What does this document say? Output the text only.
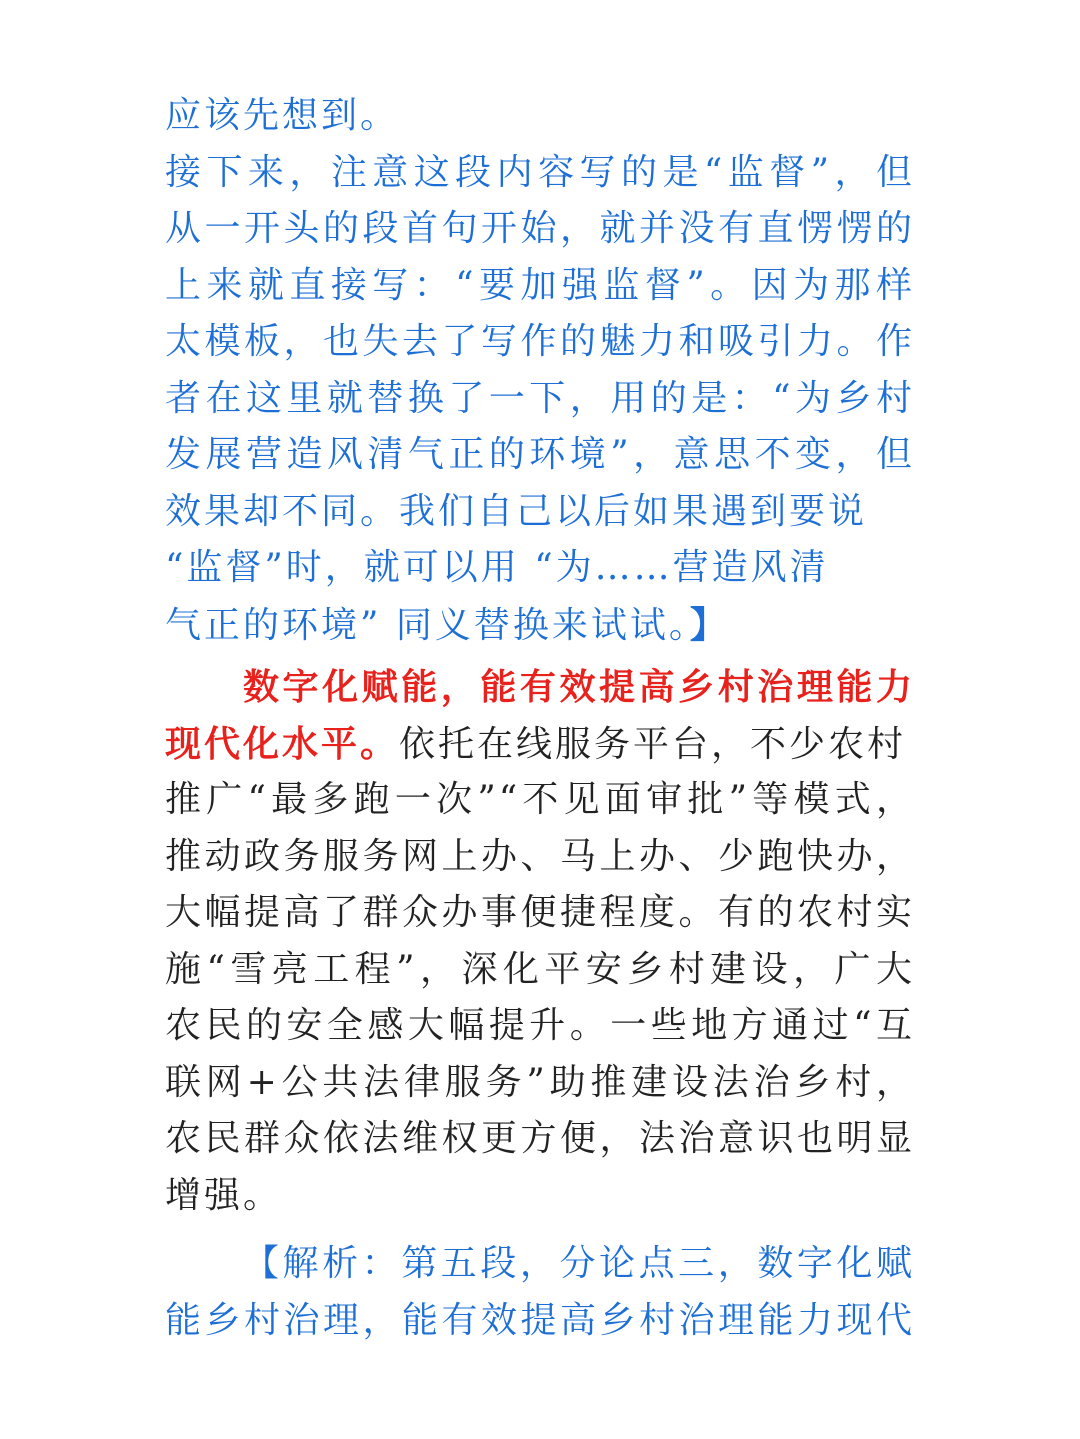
应该先想到。
接下来，注意这段内容写的是“监督”，但
从一开头的段首句开始，就并没有直愣愣的
上来就直接写：“要加强监督”。因为那样
太模板，也失去了写作的魅力和吸引力。作
者在这里就替换了一下，用的是：“为乡村
发展营造风清气正的环境”，意思不变，但
效果却不同。我们自己以后如果遇到要说
“监督”时，就可以用 “为……营造风清
气正的环境” 同义替换来试试。】
数字化赋能，能有效提高乡村治理能力
现代化水平。依托在线服务平台，不少农村
推广“最多跑一次”“不见面审批”等模式，
推动政务服务网上办、马上办、少跑快办，
大幅提高了群众办事便捷程度。有的农村实
施“雪亮工程”，深化平安乡村建设，广大
农民的安全感大幅提升。一些地方通过“互
联网+公共法律服务”助推建设法治乡村，
农民群众依法维权更方便，法治意识也明显
增强。
【解析：第五段，分论点三，数字化赋
能乡村治理，能有效提高乡村治理能力现代
